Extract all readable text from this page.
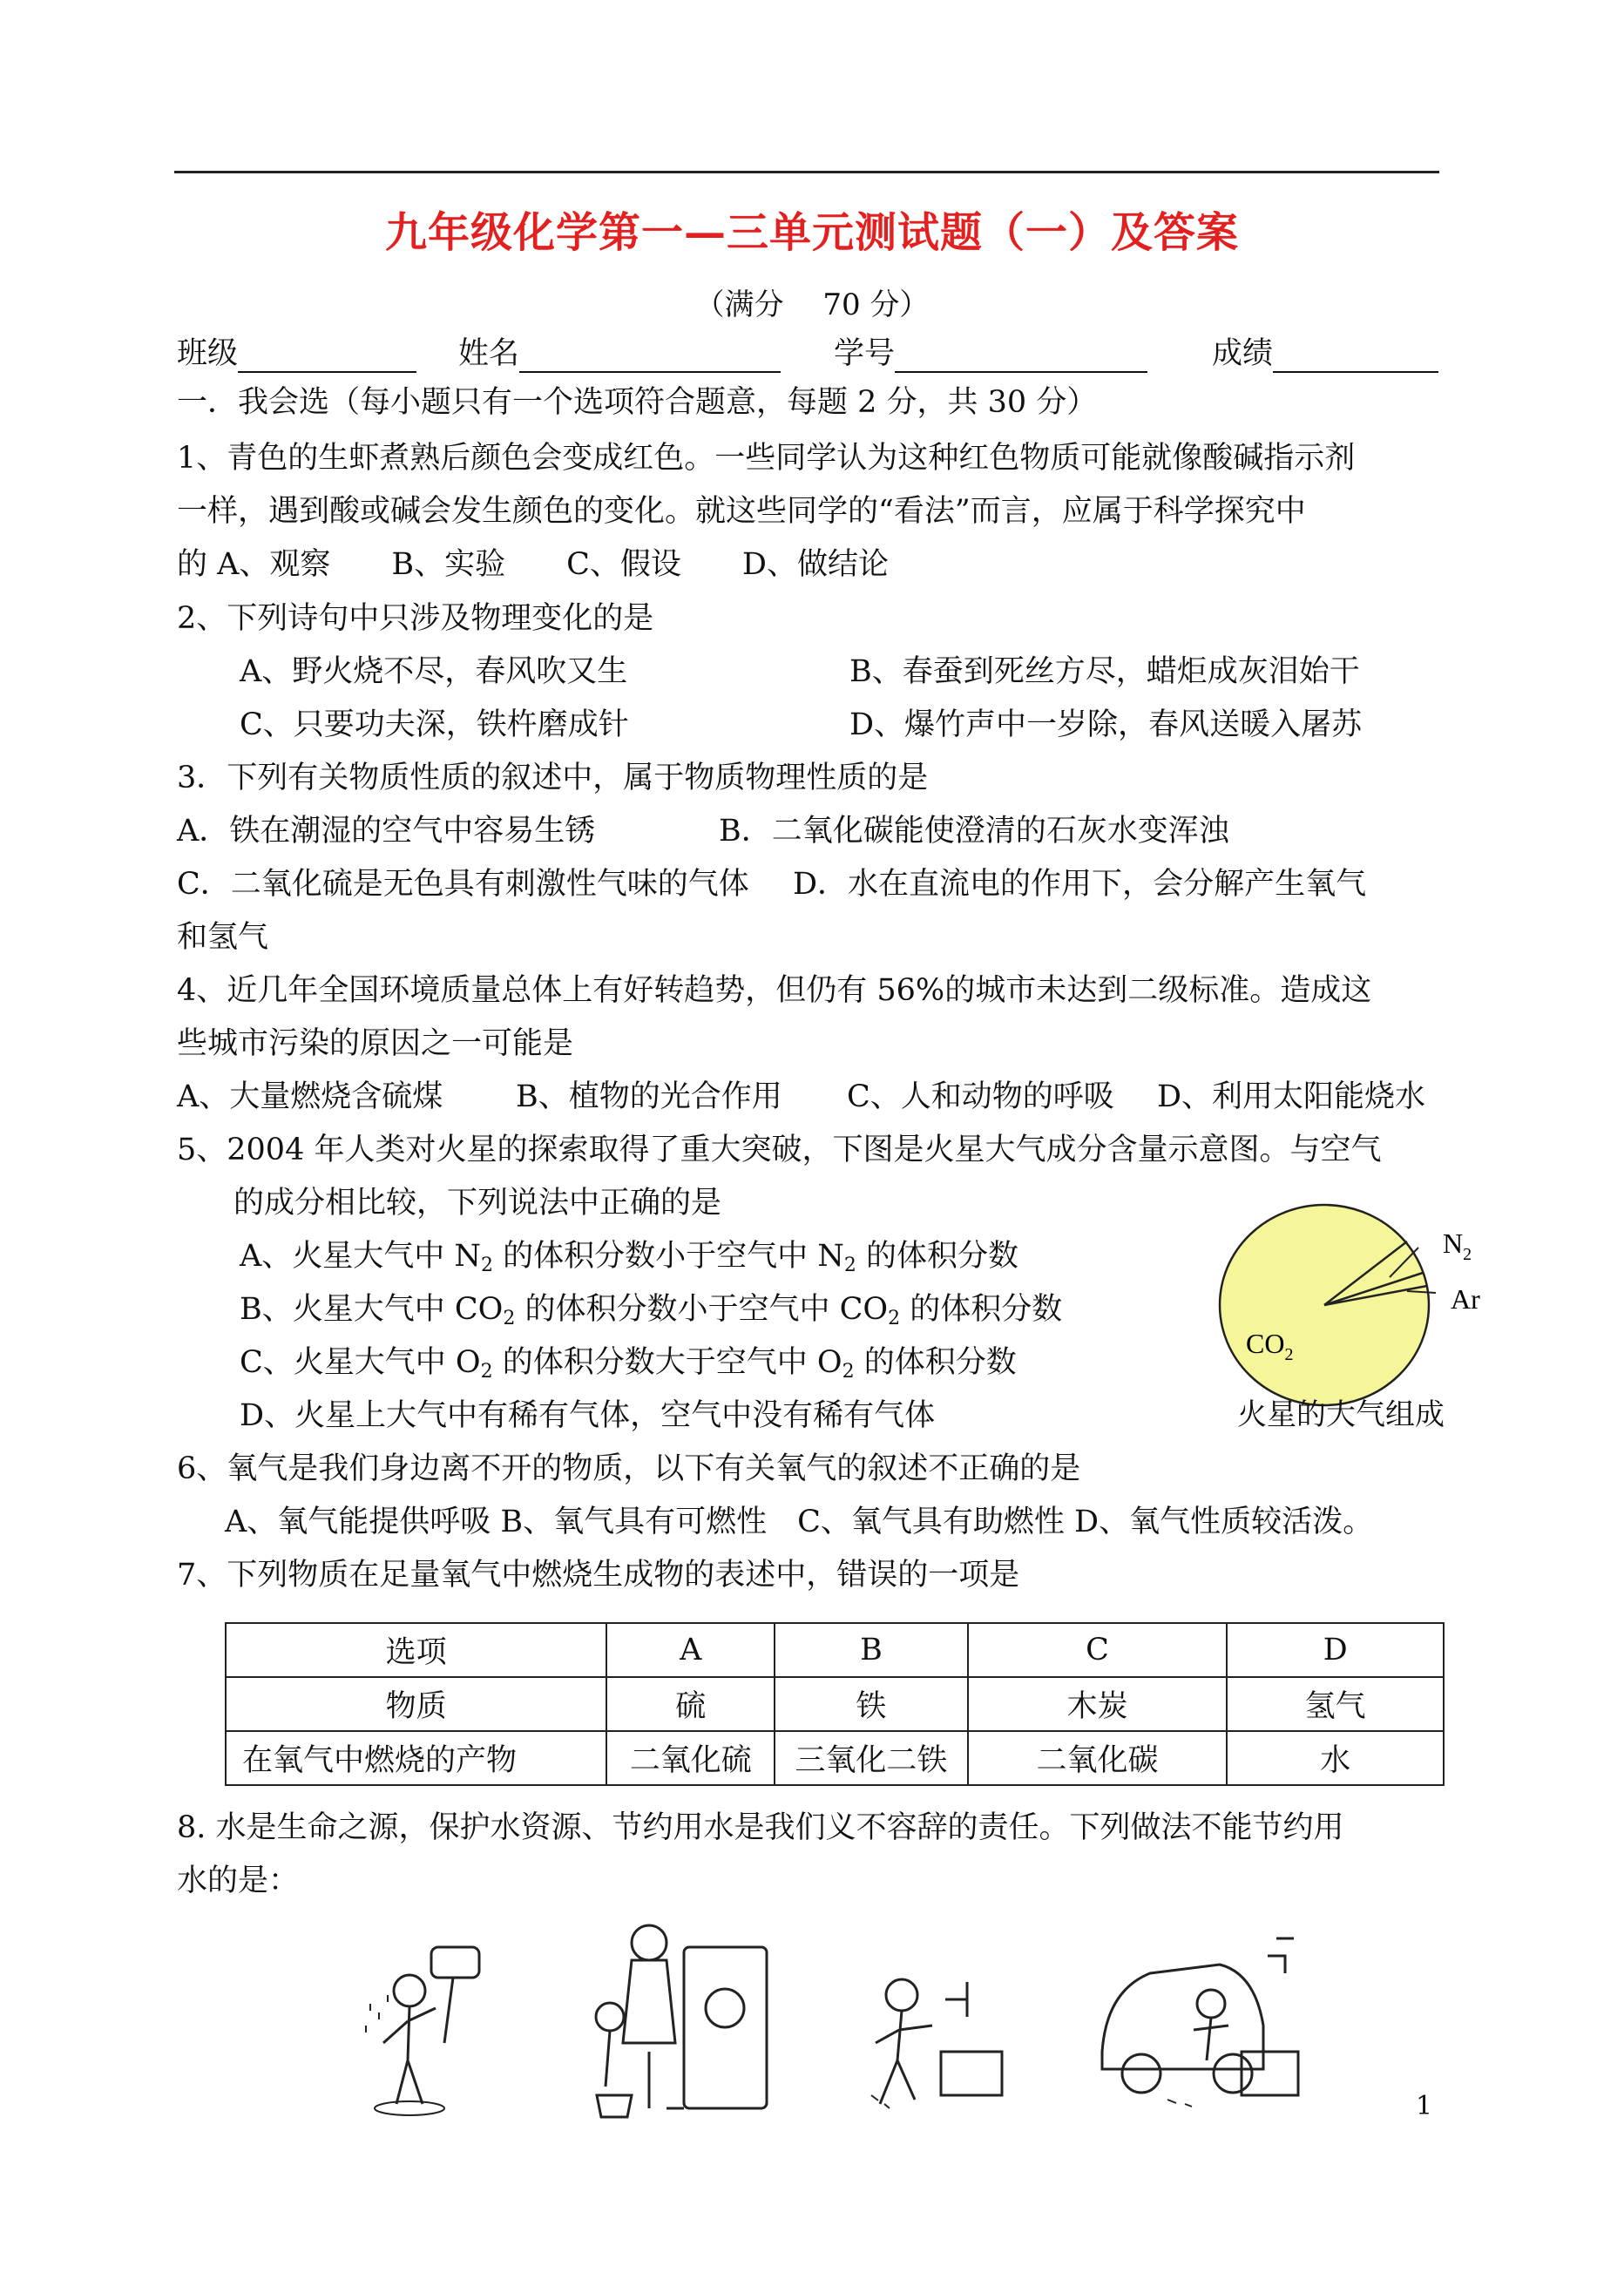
九年级化学第一—三单元测试题（一）及答案
（满分　 70 分）
班级	姓名	学号	成绩
一．我会选（每小题只有一个选项符合题意，每题 2 分，共 30 分）
1、青色的生虾煮熟后颜色会变成红色。一些同学认为这种红色物质可能就像酸碱指示剂
一样，遇到酸或碱会发生颜色的变化。就这些同学的“看法”而言，应属于科学探究中
的 A、观察　　B、实验　　C、假设　　D、做结论
2、下列诗句中只涉及物理变化的是
A、野火烧不尽，春风吹又生	B、春蚕到死丝方尽，蜡炬成灰泪始干
C、只要功夫深，铁杵磨成针	D、爆竹声中一岁除，春风送暖入屠苏
3．下列有关物质性质的叙述中，属于物质物理性质的是
A．铁在潮湿的空气中容易生锈	B．二氧化碳能使澄清的石灰水变浑浊
C．二氧化硫是无色具有刺激性气味的气体 D．水在直流电的作用下，会分解产生氧气
和氢气
4、近几年全国环境质量总体上有好转趋势，但仍有 56%的城市未达到二级标准。造成这
些城市污染的原因之一可能是
A、大量燃烧含硫煤 B、植物的光合作用 C、人和动物的呼吸 D、利用太阳能烧水
5、2004 年人类对火星的探索取得了重大突破，下图是火星大气成分含量示意图。与空气
的成分相比较，下列说法中正确的是
A、火星大气中 $N_2$ 的体积分数小于空气中 $N_2$ 的体积分数
B、火星大气中 $CO_2$ 的体积分数小于空气中 $CO_2$ 的体积分数
C、火星大气中 $O_2$ 的体积分数大于空气中 $O_2$ 的体积分数
D、火星上大气中有稀有气体，空气中没有稀有气体
$N_2$
Ar
$CO_2$
火星的大气组成
6、氧气是我们身边离不开的物质，以下有关氧气的叙述不正确的是
A、氧气能提供呼吸 B、氧气具有可燃性　C、氧气具有助燃性 D、氧气性质较活泼。
7、下列物质在足量氧气中燃烧生成物的表述中，错误的一项是
选项	A	B	C	D
物质	硫	铁	木炭	氢气
在氧气中燃烧的产物	二氧化硫	三氧化二铁	二氧化碳	水
8. 水是生命之源，保护水资源、节约用水是我们义不容辞的责任。下列做法不能节约用
水的是：
1
